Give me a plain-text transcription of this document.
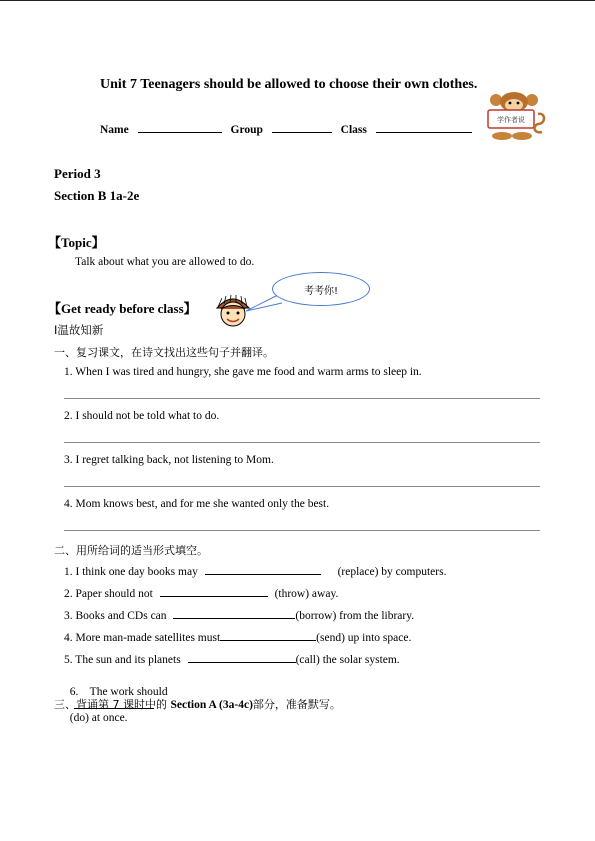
Unit 7 Teenagers should be allowed to choose their own clothes.
Name	Group	Class
学作者说
Period 3
Section B 1a-2e
【Topic】
Talk about what you are allowed to do.
考考你!
【Get ready before class】
Ⅰ温故知新
一、复习课文，在诗文找出这些句子并翻译。
1. When I was tired and hungry, she gave me food and warm arms to sleep in.
2. I should not be told what to do.
3. I regret talking back, not listening to Mom.
4. Mom knows best, and for me she wanted only the best.
二、用所给词的适当形式填空。
1. I think one day books may	(replace) by computers.
2. Paper should not	(throw) away.
3. Books and CDs can	(borrow) from the library.
4. More man-made satellites must	(send) up into space.
5. The sun and its planets	(call) the solar system.

6.    The work should

(do) at once.

三、背诵第 7 课时中的 Section A (3a-4c)部分，准备默写。
